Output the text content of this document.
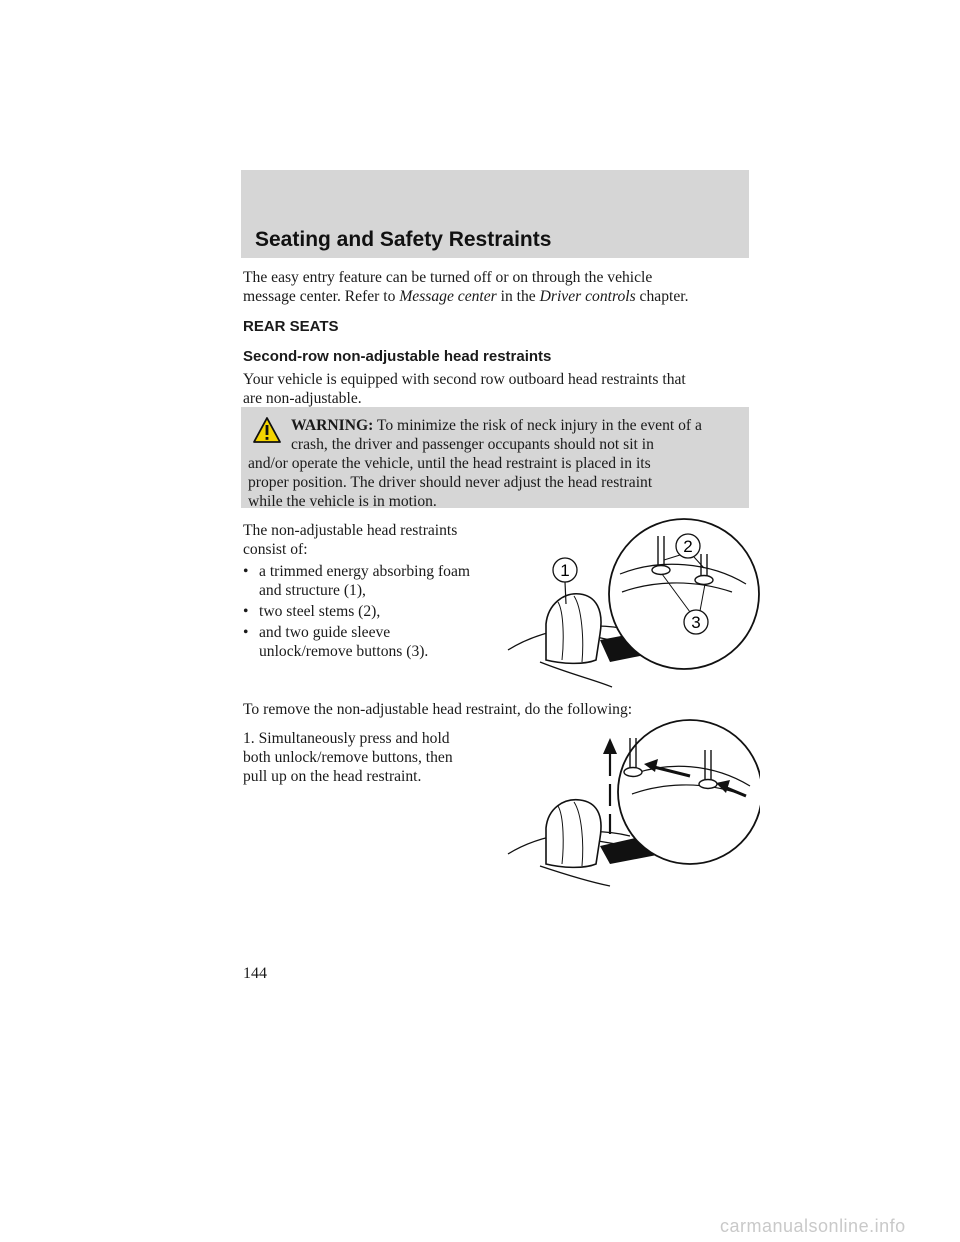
Seating and Safety Restraints

The easy entry feature can be turned off or on through the vehicle
message center. Refer to Message center in the Driver controls chapter.

REAR SEATS
Second-row non-adjustable head restraints

Your vehicle is equipped with second row outboard head restraints that
are non-adjustable.

WARNING: To minimize the risk of neck injury in the event of a
crash, the driver and passenger occupants should not sit in
and/or operate the vehicle, until the head restraint is placed in its
proper position. The driver should never adjust the head restraint
while the vehicle is in motion.

The non-adjustable head restraints
consist of:

• a trimmed energy absorbing foam
and structure (1),
• two steel stems (2),
• and two guide sleeve
unlock/remove buttons (3).
1
2
3

To remove the non-adjustable head restraint, do the following:

1. Simultaneously press and hold
both unlock/remove buttons, then
pull up on the head restraint.

144
carmanualsonline.info
